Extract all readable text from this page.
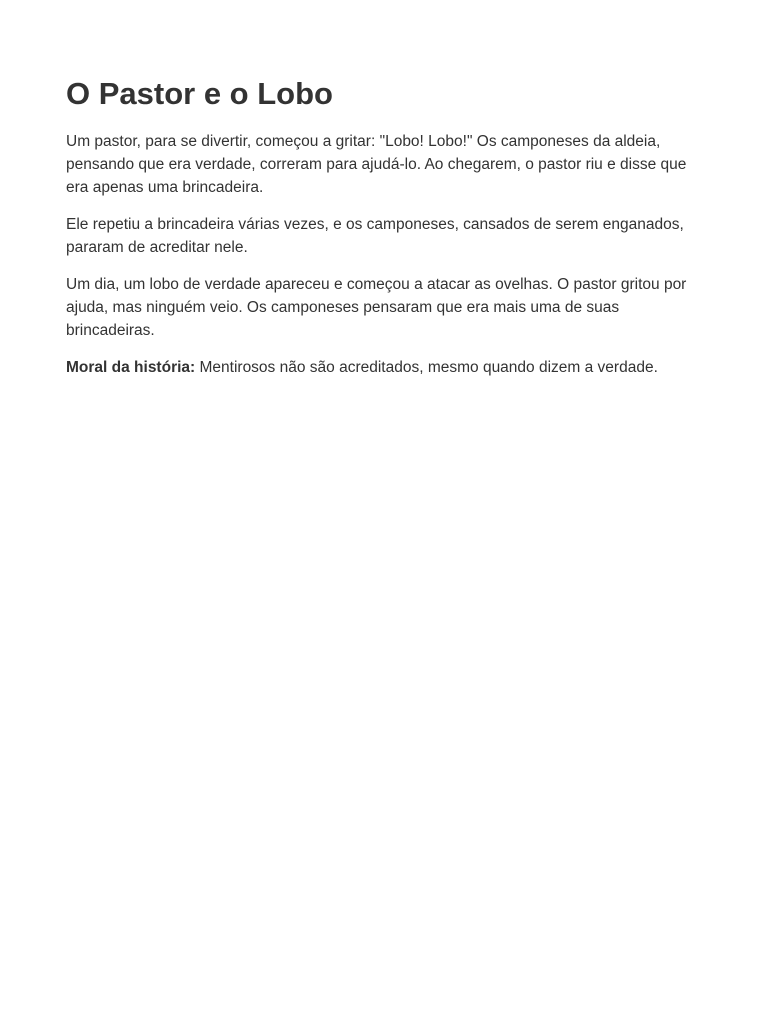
O Pastor e o Lobo

Um pastor, para se divertir, começou a gritar: "Lobo! Lobo!" Os camponeses da aldeia, pensando que era verdade, correram para ajudá-lo. Ao chegarem, o pastor riu e disse que era apenas uma brincadeira.

Ele repetiu a brincadeira várias vezes, e os camponeses, cansados de serem enganados, pararam de acreditar nele.

Um dia, um lobo de verdade apareceu e começou a atacar as ovelhas. O pastor gritou por ajuda, mas ninguém veio. Os camponeses pensaram que era mais uma de suas brincadeiras.

Moral da história: Mentirosos não são acreditados, mesmo quando dizem a verdade.
